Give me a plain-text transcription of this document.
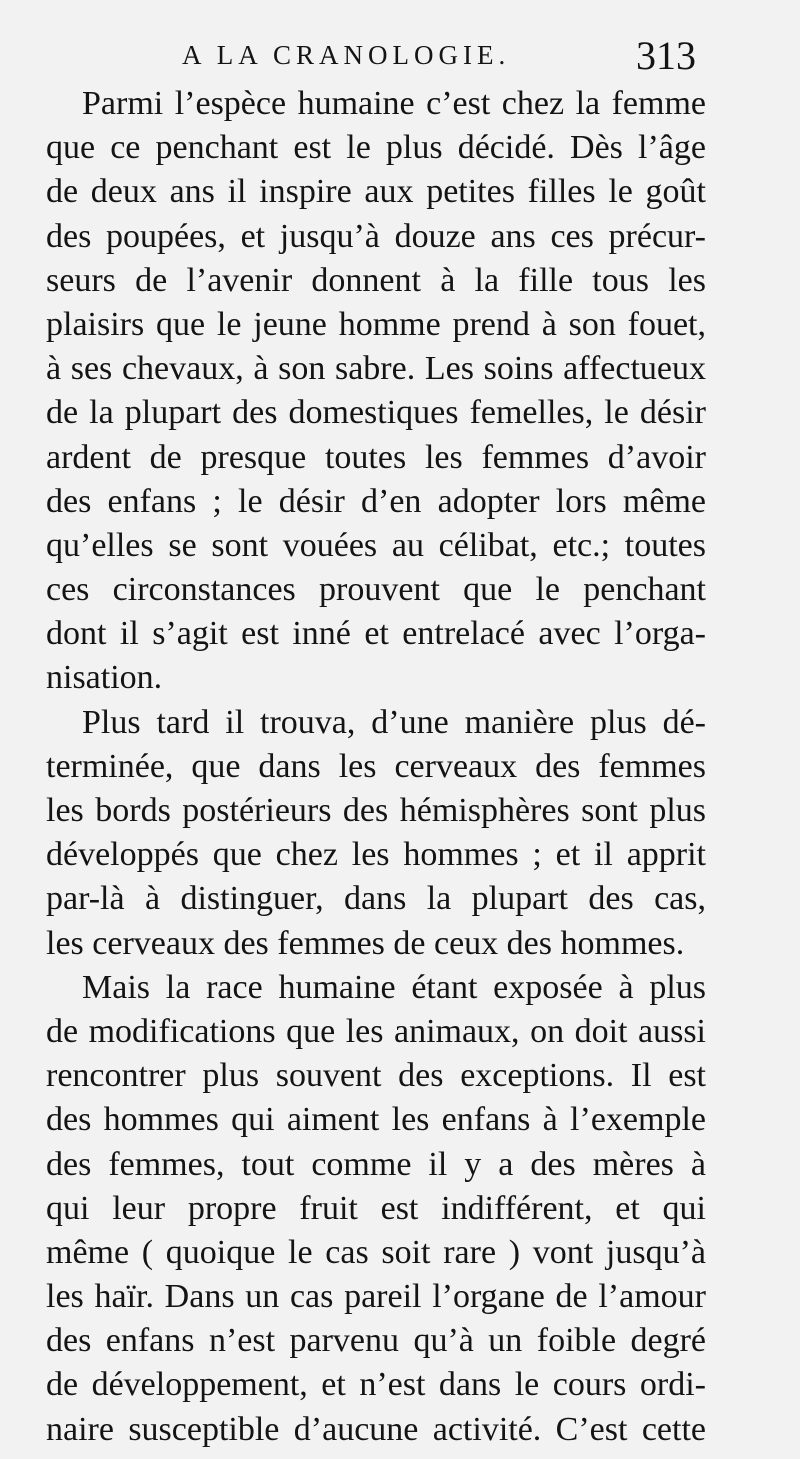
A LA CRANOLOGIE.	313
Parmi l’espèce humaine c’est chez la femme
que ce penchant est le plus décidé. Dès l’âge
de deux ans il inspire aux petites filles le goût
des poupées, et jusqu’à douze ans ces précur-
seurs de l’avenir donnent à la fille tous les
plaisirs que le jeune homme prend à son fouet,
à ses chevaux, à son sabre. Les soins affectueux
de la plupart des domestiques femelles, le désir
ardent de presque toutes les femmes d’avoir
des enfans ; le désir d’en adopter lors même
qu’elles se sont vouées au célibat, etc.; toutes
ces circonstances prouvent que le penchant
dont il s’agit est inné et entrelacé avec l’orga-
nisation.
Plus tard il trouva, d’une manière plus dé-
terminée, que dans les cerveaux des femmes
les bords postérieurs des hémisphères sont plus
développés que chez les hommes ; et il apprit
par-là à distinguer, dans la plupart des cas,
les cerveaux des femmes de ceux des hommes.
Mais la race humaine étant exposée à plus
de modifications que les animaux, on doit aussi
rencontrer plus souvent des exceptions. Il est
des hommes qui aiment les enfans à l’exemple
des femmes, tout comme il y a des mères à
qui leur propre fruit est indifférent, et qui
même ( quoique le cas soit rare ) vont jusqu’à
les haïr. Dans un cas pareil l’organe de l’amour
des enfans n’est parvenu qu’à un foible degré
de développement, et n’est dans le cours ordi-
naire susceptible d’aucune activité. C’est cette
